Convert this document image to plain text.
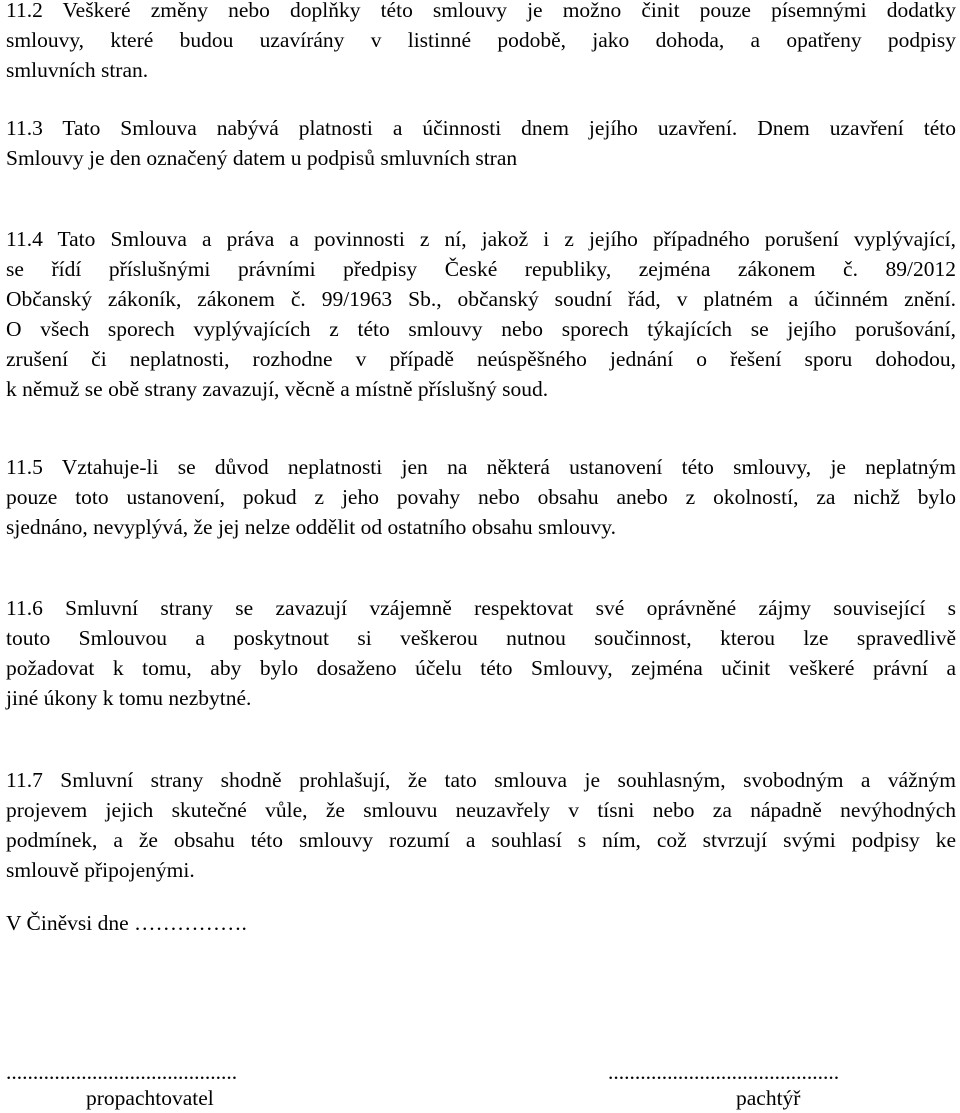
11.2 Veškeré změny nebo doplňky této smlouvy je možno činit pouze písemnými dodatky
smlouvy, které budou uzavírány v listinné podobě, jako dohoda, a opatřeny podpisy
smluvních stran.
11.3 Tato Smlouva nabývá platnosti a účinnosti dnem jejího uzavření. Dnem uzavření této
Smlouvy je den označený datem u podpisů smluvních stran
11.4 Tato Smlouva a práva a povinnosti z ní, jakož i z jejího případného porušení vyplývající,
se řídí příslušnými právními předpisy České republiky, zejména zákonem č. 89/2012
Občanský zákoník, zákonem č. 99/1963 Sb., občanský soudní řád, v platném a účinném znění.
O všech sporech vyplývajících z této smlouvy nebo sporech týkajících se jejího porušování,
zrušení či neplatnosti, rozhodne v případě neúspěšného jednání o řešení sporu dohodou,
k němuž se obě strany zavazují, věcně a místně příslušný soud.
11.5 Vztahuje-li se důvod neplatnosti jen na některá ustanovení této smlouvy, je neplatným
pouze toto ustanovení, pokud z jeho povahy nebo obsahu anebo z okolností, za nichž bylo
sjednáno, nevyplývá, že jej nelze oddělit od ostatního obsahu smlouvy.
11.6 Smluvní strany se zavazují vzájemně respektovat své oprávněné zájmy související s
touto Smlouvou a poskytnout si veškerou nutnou součinnost, kterou lze spravedlivě
požadovat k tomu, aby bylo dosaženo účelu této Smlouvy, zejména učinit veškeré právní a
jiné úkony k tomu nezbytné.
11.7 Smluvní strany shodně prohlašují, že tato smlouva je souhlasným, svobodným a vážným
projevem jejich skutečné vůle, že smlouvu neuzavřely v tísni nebo za nápadně nevýhodných
podmínek, a že obsahu této smlouvy rozumí a souhlasí s ním, což stvrzují svými podpisy ke
smlouvě připojenými.
V Činěvsi dne …………….
...........................................	...........................................
propachtovatel	pachtýř
